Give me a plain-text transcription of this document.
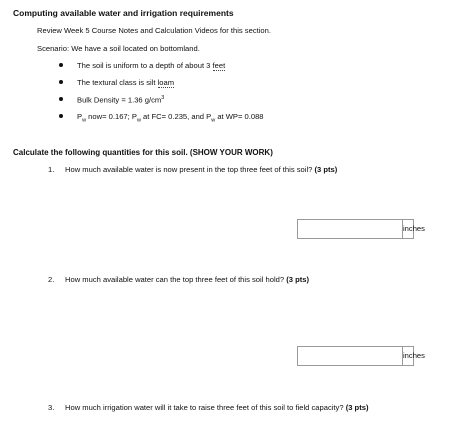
Computing available water and irrigation requirements
Review Week 5 Course Notes and Calculation Videos for this section.
Scenario: We have a soil located on bottomland.
The soil is uniform to a depth of about 3 feet
The textural class is silt loam
Bulk Density = 1.36 $g/cm^3$
$P_w$ now= 0.167; $P_w$ at FC= 0.235, and $P_w$ at WP= 0.088
Calculate the following quantities for this soil. (SHOW YOUR WORK)
1. How much available water is now present in the top three feet of this soil? (3 pts)
inches
2. How much available water can the top three feet of this soil hold? (3 pts)
inches
3. How much irrigation water will it take to raise three feet of this soil to field capacity? (3 pts)
